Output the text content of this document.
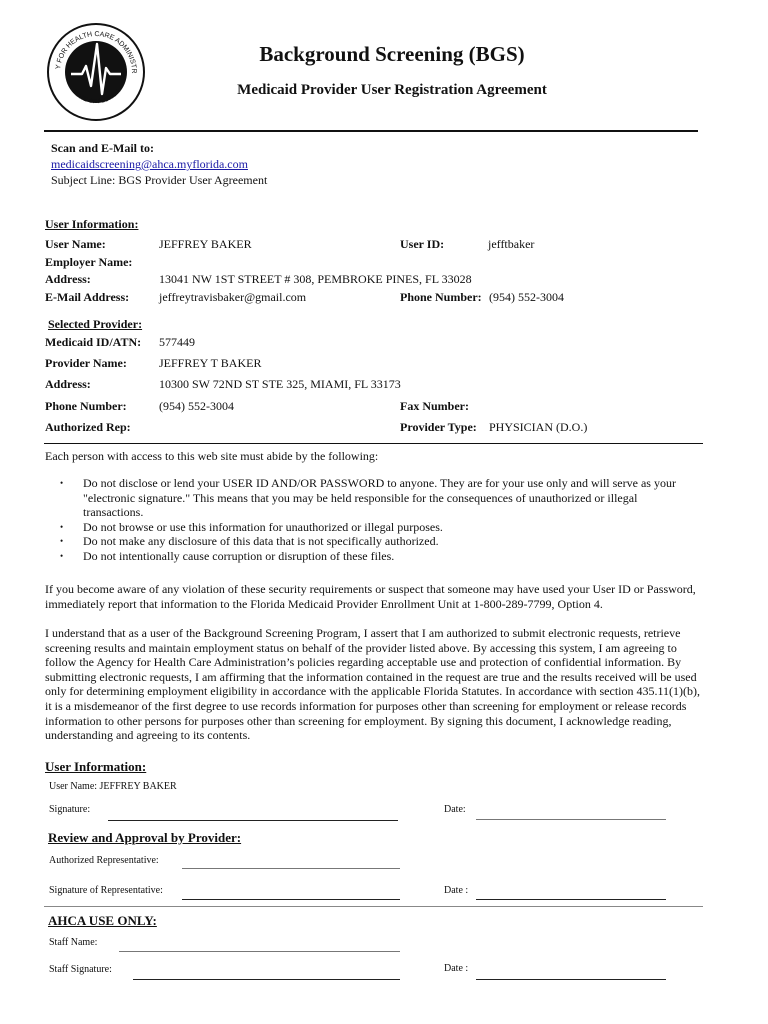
Y FOR HEALTH CARE ADMINISTR
STATE OF FLORIDA
Background Screening (BGS)
Medicaid Provider User Registration Agreement
Scan and E-Mail to:
medicaidscreening@ahca.myflorida.com
Subject Line: BGS Provider User Agreement
User Information:
User Name:	JEFFREY BAKER	User ID:	jefftbaker
Employer Name:
Address:	13041 NW 1ST STREET # 308, PEMBROKE PINES, FL 33028
E-Mail Address: jeffreytravisbaker@gmail.com	Phone Number: (954) 552-3004
Selected Provider:
Medicaid ID/ATN: 577449
Provider Name:	JEFFREY T BAKER
Address:	10300 SW 72ND ST STE 325, MIAMI, FL 33173
Phone Number:	(954) 552-3004	Fax Number:
Authorized Rep:	Provider Type: PHYSICIAN (D.O.)
Each person with access to this web site must abide by the following:
• Do not disclose or lend your USER ID AND/OR PASSWORD to anyone. They are for your use only and will serve as your "electronic signature." This means that you may be held responsible for the consequences of unauthorized or illegal transactions.
• Do not browse or use this information for unauthorized or illegal purposes.
• Do not make any disclosure of this data that is not specifically authorized.
• Do not intentionally cause corruption or disruption of these files.
If you become aware of any violation of these security requirements or suspect that someone may have used your User ID or Password, immediately report that information to the Florida Medicaid Provider Enrollment Unit at 1-800-289-7799, Option 4.
I understand that as a user of the Background Screening Program, I assert that I am authorized to submit electronic requests, retrieve screening results and maintain employment status on behalf of the provider listed above. By accessing this system, I am agreeing to follow the Agency for Health Care Administration’s policies regarding acceptable use and protection of confidential information. By submitting electronic requests, I am affirming that the information contained in the request are true and the results received will be used only for determining employment eligibility in accordance with the applicable Florida Statutes. In accordance with section 435.11(1)(b), it is a misdemeanor of the first degree to use records information for purposes other than screening for employment or release records information to other persons for purposes other than screening for employment. By signing this document, I acknowledge reading, understanding and agreeing to its contents.
User Information:
User Name: JEFFREY BAKER
Signature:	Date:
Review and Approval by Provider:
Authorized Representative:
Signature of Representative:	Date :
AHCA USE ONLY:
Staff Name:
Staff Signature:	Date :
